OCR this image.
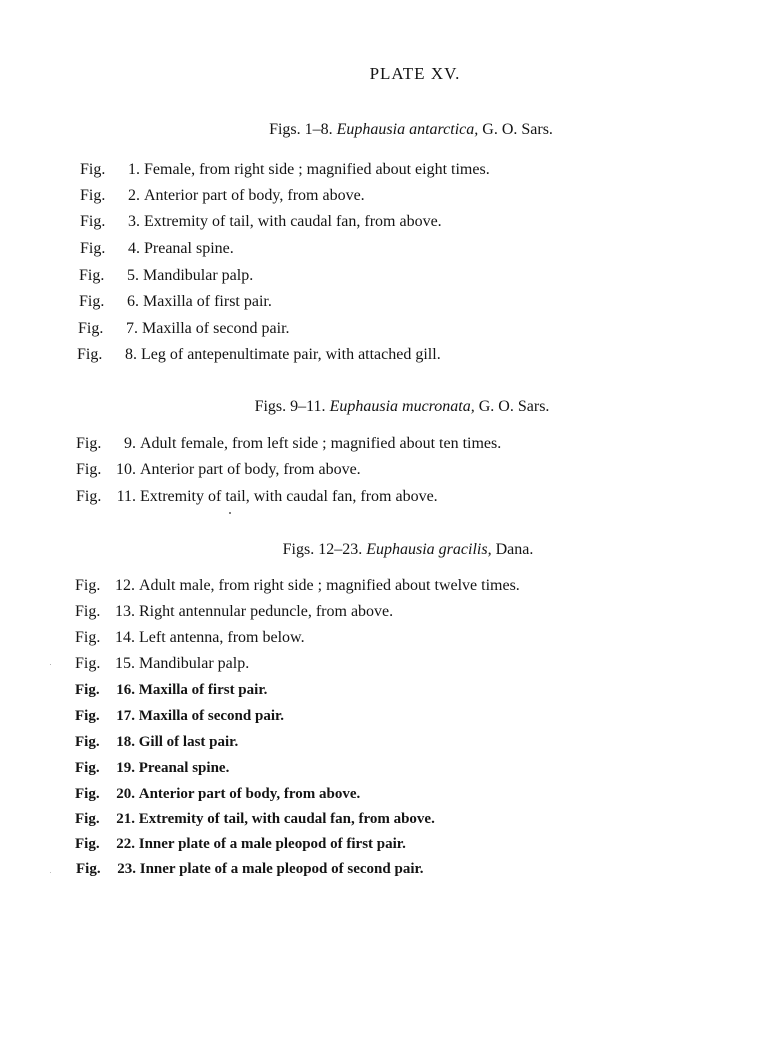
PLATE XV.
Figs. 1–8. Euphausia antarctica, G. O. Sars.
Fig. 1. Female, from right side ; magnified about eight times.
Fig. 2. Anterior part of body, from above.
Fig. 3. Extremity of tail, with caudal fan, from above.
Fig. 4. Preanal spine.
Fig. 5. Mandibular palp.
Fig. 6. Maxilla of first pair.
Fig. 7. Maxilla of second pair.
Fig. 8. Leg of antepenultimate pair, with attached gill.
Figs. 9–11. Euphausia mucronata, G. O. Sars.
Fig. 9. Adult female, from left side ; magnified about ten times.
Fig. 10. Anterior part of body, from above.
Fig. 11. Extremity of tail, with caudal fan, from above.
Figs. 12–23. Euphausia gracilis, Dana.
Fig. 12. Adult male, from right side ; magnified about twelve times.
Fig. 13. Right antennular peduncle, from above.
Fig. 14. Left antenna, from below.
Fig. 15. Mandibular palp.
Fig. 16. Maxilla of first pair.
Fig. 17. Maxilla of second pair.
Fig. 18. Gill of last pair.
Fig. 19. Preanal spine.
Fig. 20. Anterior part of body, from above.
Fig. 21. Extremity of tail, with caudal fan, from above.
Fig. 22. Inner plate of a male pleopod of first pair.
Fig. 23. Inner plate of a male pleopod of second pair.
